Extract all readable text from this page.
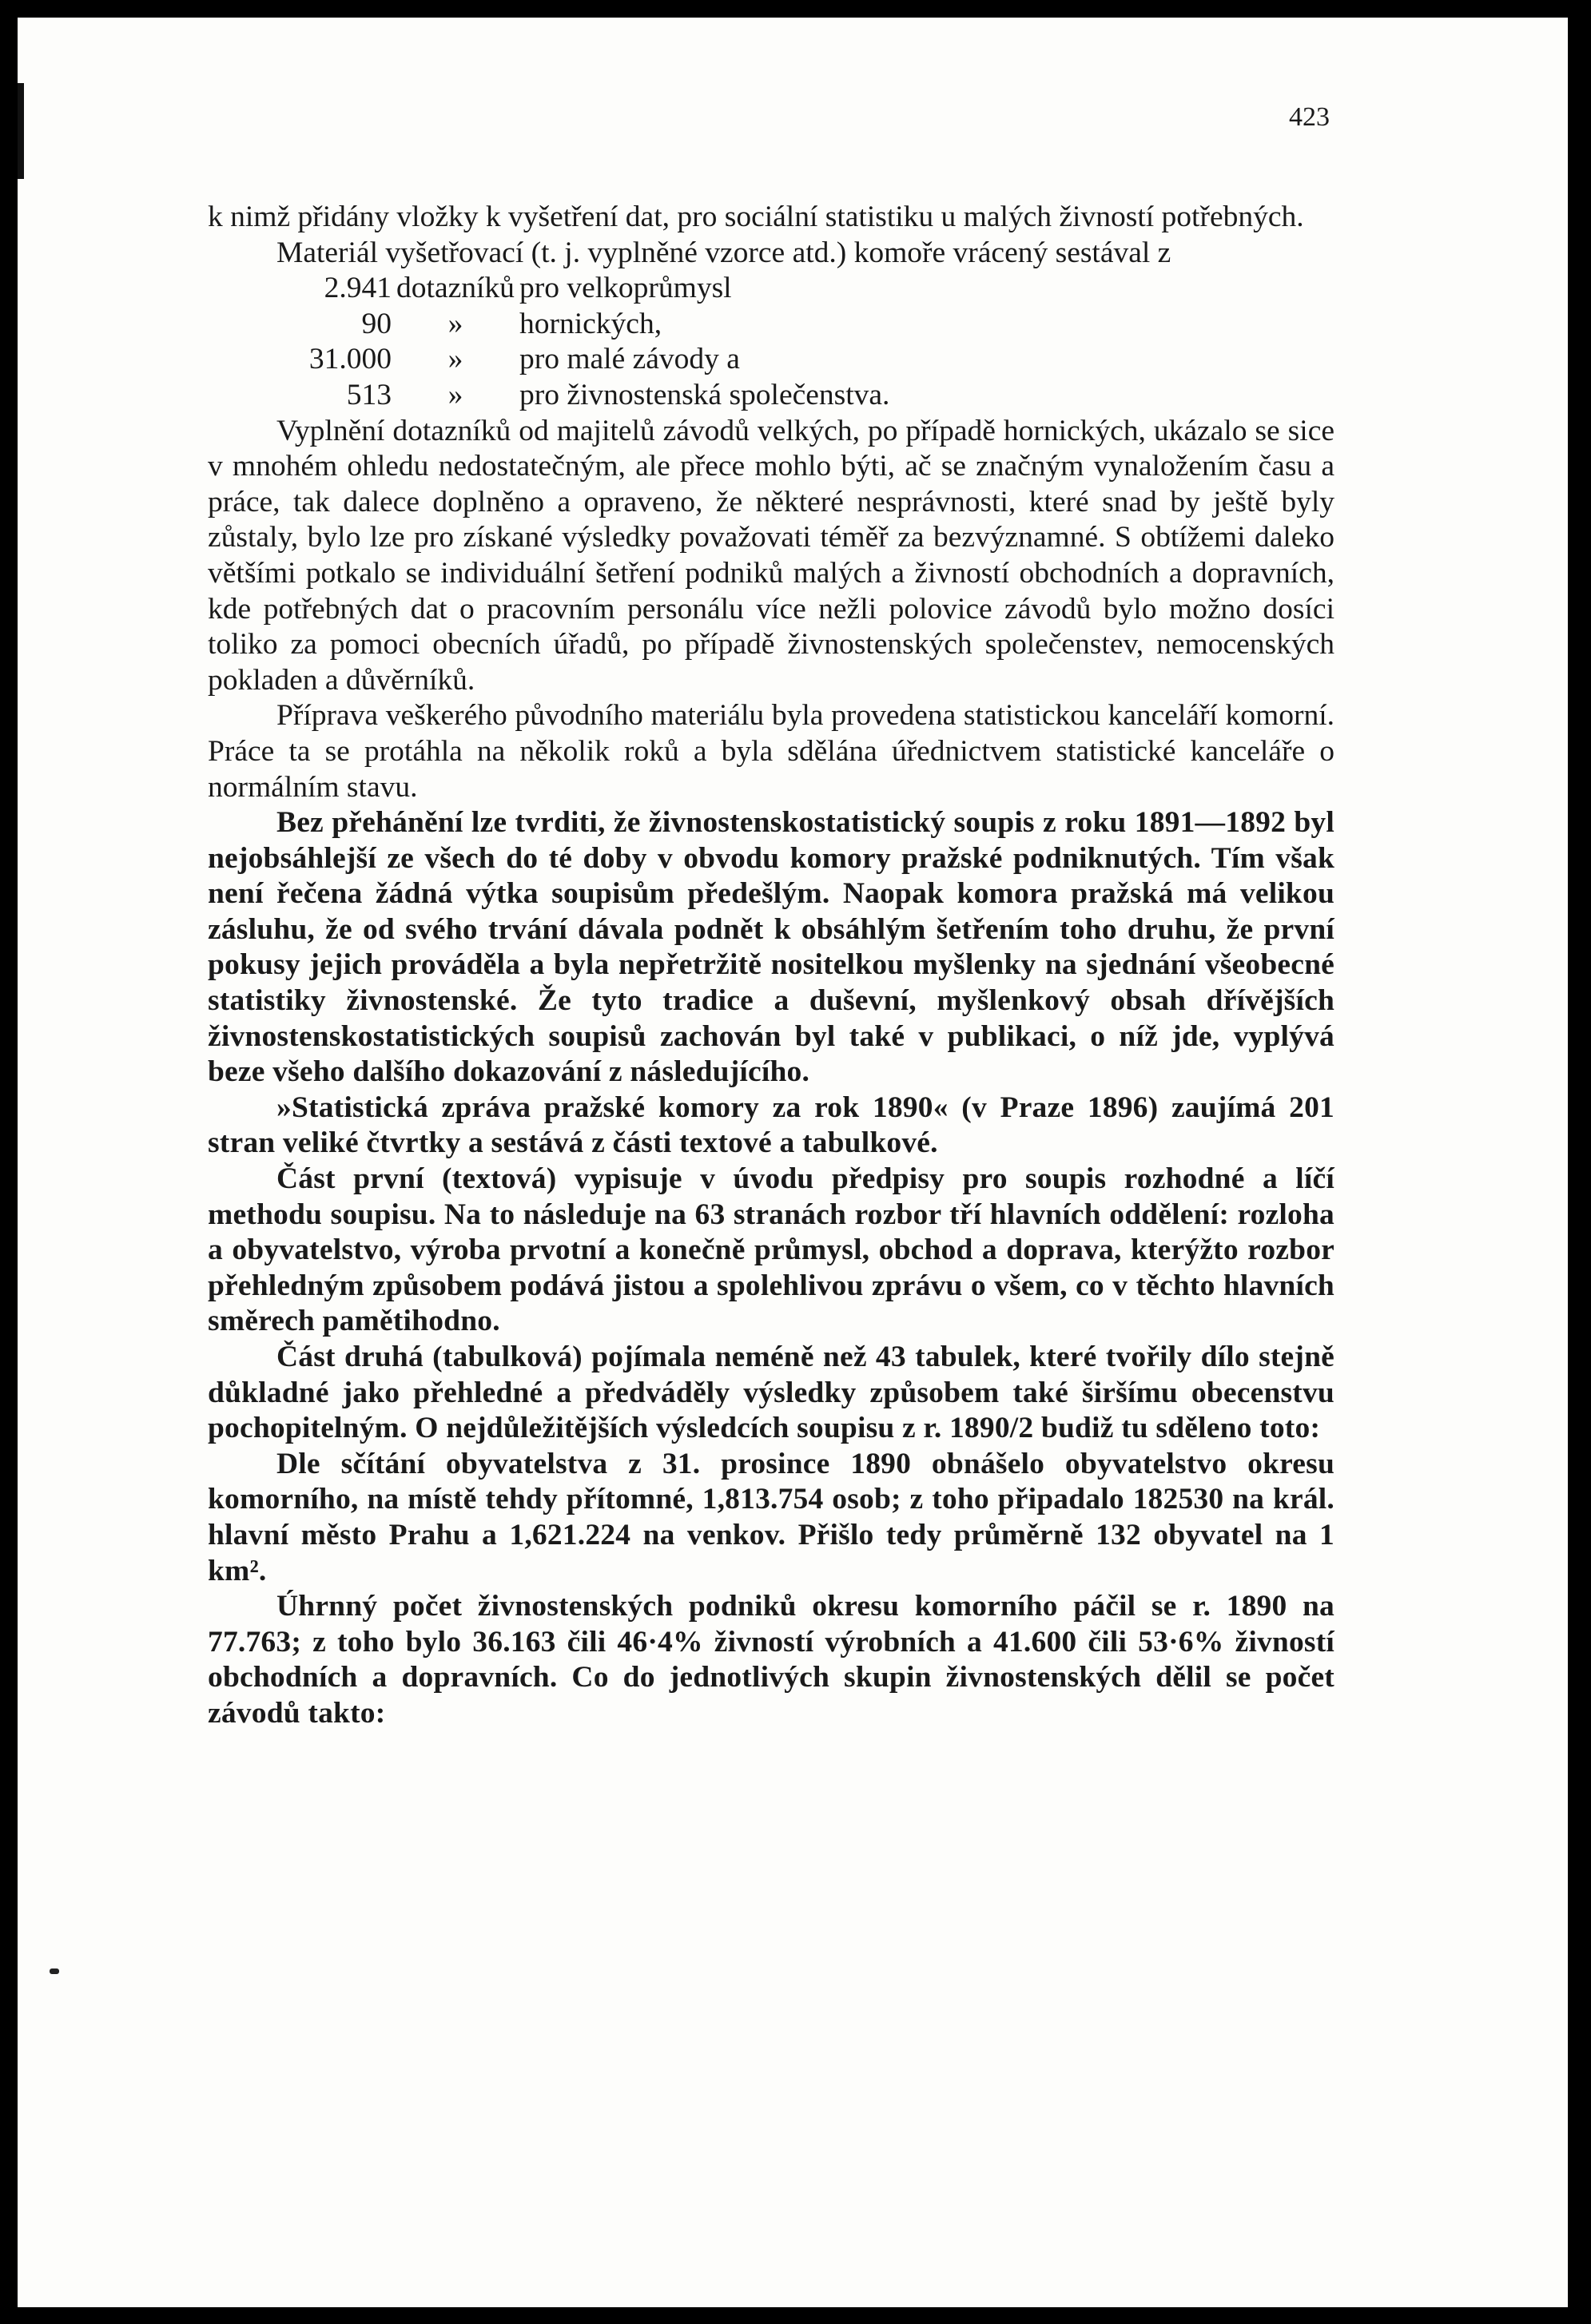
423

k nimž přidány vložky k vyšetření dat, pro sociální statistiku u malých živností potřebných.

Materiál vyšetřovací (t. j. vyplněné vzorce atd.) komoře vrácený sestával z

2.941 dotazníků pro velkoprůmysl
90	»	hornických,
31.000	»	pro malé závody a
513	»	pro živnostenská společenstva.

Vyplnění dotazníků od majitelů závodů velkých, po případě hornických, ukázalo se sice v mnohém ohledu nedostatečným, ale přece mohlo býti, ač se značným vynaložením času a práce, tak dalece doplněno a opraveno, že některé nesprávnosti, které snad by ještě byly zůstaly, bylo lze pro získané výsledky považovati téměř za bezvýznamné. S obtížemi daleko většími potkalo se individuální šetření podniků malých a živností obchodních a dopravních, kde potřebných dat o pracovním personálu více nežli polovice závodů bylo možno dosíci toliko za pomoci obecních úřadů, po případě živnostenských společenstev, nemocenských pokladen a důvěrníků.

Příprava veškerého původního materiálu byla provedena statistickou kanceláří komorní. Práce ta se protáhla na několik roků a byla sdělána úřednictvem statistické kanceláře o normálním stavu.

Bez přehánění lze tvrditi, že živnostenskostatistický soupis z roku 1891—1892 byl nejobsáhlejší ze všech do té doby v obvodu komory pražské podniknutých. Tím však není řečena žádná výtka soupisům předešlým. Naopak komora pražská má velikou zásluhu, že od svého trvání dávala podnět k obsáhlým šetřením toho druhu, že první pokusy jejich prováděla a byla nepřetržitě nositelkou myšlenky na sjednání všeobecné statistiky živnostenské. Že tyto tradice a duševní, myšlenkový obsah dřívějších živnostenskostatistických soupisů zachován byl také v publikaci, o níž jde, vyplývá beze všeho dalšího dokazování z následujícího.

»Statistická zpráva pražské komory za rok 1890« (v Praze 1896) zaujímá 201 stran veliké čtvrtky a sestává z části textové a tabulkové.

Část první (textová) vypisuje v úvodu předpisy pro soupis rozhodné a líčí methodu soupisu. Na to následuje na 63 stranách rozbor tří hlavních oddělení: rozloha a obyvatelstvo, výroba prvotní a konečně průmysl, obchod a doprava, kterýžto rozbor přehledným způsobem podává jistou a spolehlivou zprávu o všem, co v těchto hlavních směrech pamětihodno.

Část druhá (tabulková) pojímala neméně než 43 tabulek, které tvořily dílo stejně důkladné jako přehledné a předváděly výsledky způsobem také širšímu obecenstvu pochopitelným. O nejdůležitějších výsledcích soupisu z r. 1890/2 budiž tu sděleno toto:

Dle sčítání obyvatelstva z 31. prosince 1890 obnášelo obyvatelstvo okresu komorního, na místě tehdy přítomné, 1,813.754 osob; z toho připadalo 182530 na král. hlavní město Prahu a 1,621.224 na venkov. Přišlo tedy průměrně 132 obyvatel na 1 km².

Úhrnný počet živnostenských podniků okresu komorního páčil se r. 1890 na 77.763; z toho bylo 36.163 čili 46·4% živností výrobních a 41.600 čili 53·6% živností obchodních a dopravních. Co do jednotlivých skupin živnostenských dělil se počet závodů takto:
